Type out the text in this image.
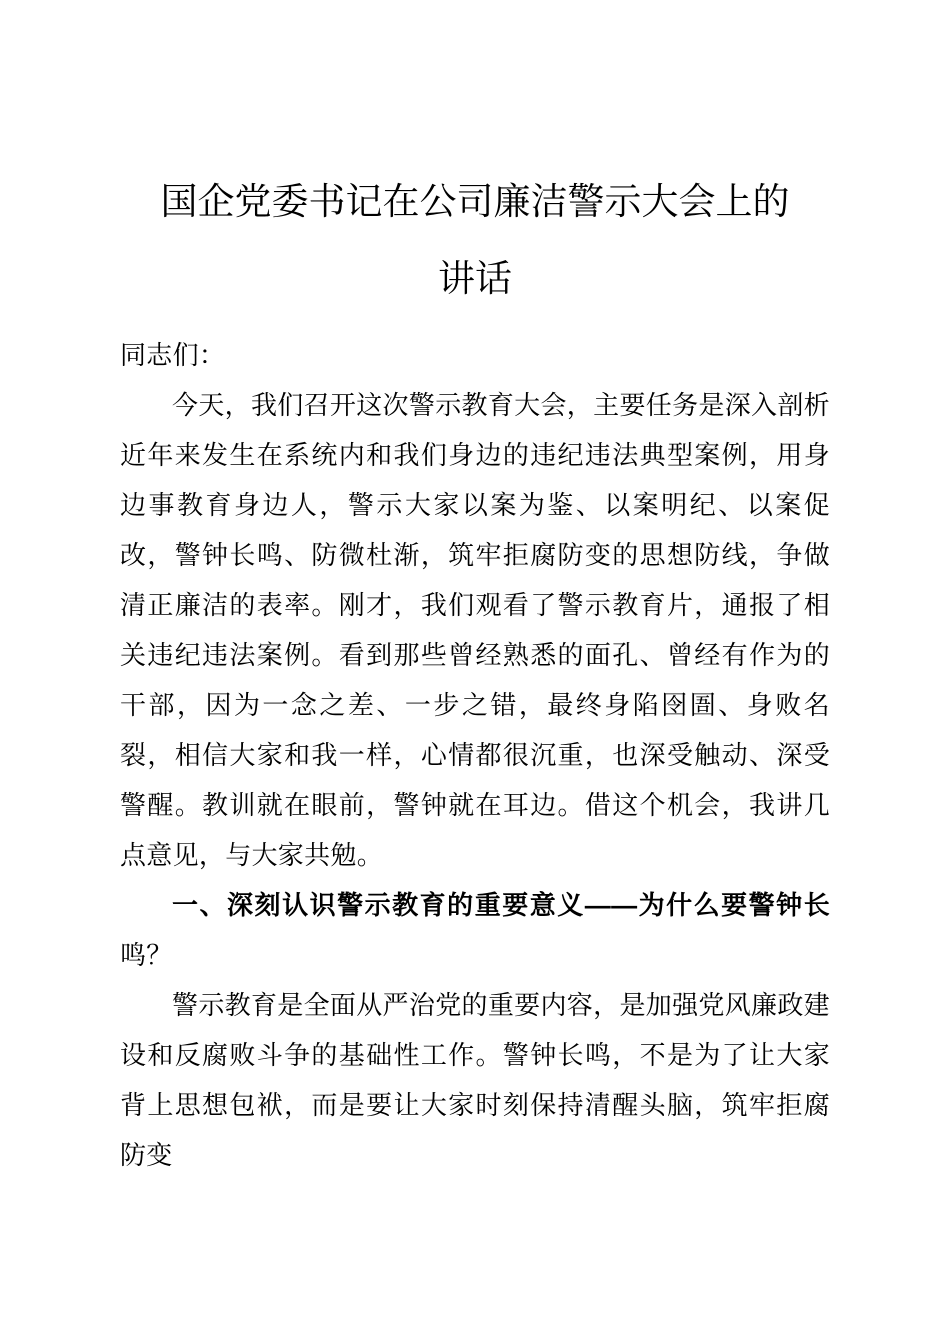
国企党委书记在公司廉洁警示大会上的
讲话

同志们：

今天，我们召开这次警示教育大会，主要任务是深入剖析近年来发生在系统内和我们身边的违纪违法典型案例，用身边事教育身边人，警示大家以案为鉴、以案明纪、以案促改，警钟长鸣、防微杜渐，筑牢拒腐防变的思想防线，争做清正廉洁的表率。刚才，我们观看了警示教育片，通报了相关违纪违法案例。看到那些曾经熟悉的面孔、曾经有作为的干部，因为一念之差、一步之错，最终身陷囹圄、身败名裂，相信大家和我一样，心情都很沉重，也深受触动、深受警醒。教训就在眼前，警钟就在耳边。借这个机会，我讲几点意见，与大家共勉。

一、深刻认识警示教育的重要意义——为什么要警钟长鸣？

警示教育是全面从严治党的重要内容，是加强党风廉政建设和反腐败斗争的基础性工作。警钟长鸣，不是为了让大家背上思想包袱，而是要让大家时刻保持清醒头脑，筑牢拒腐防变
